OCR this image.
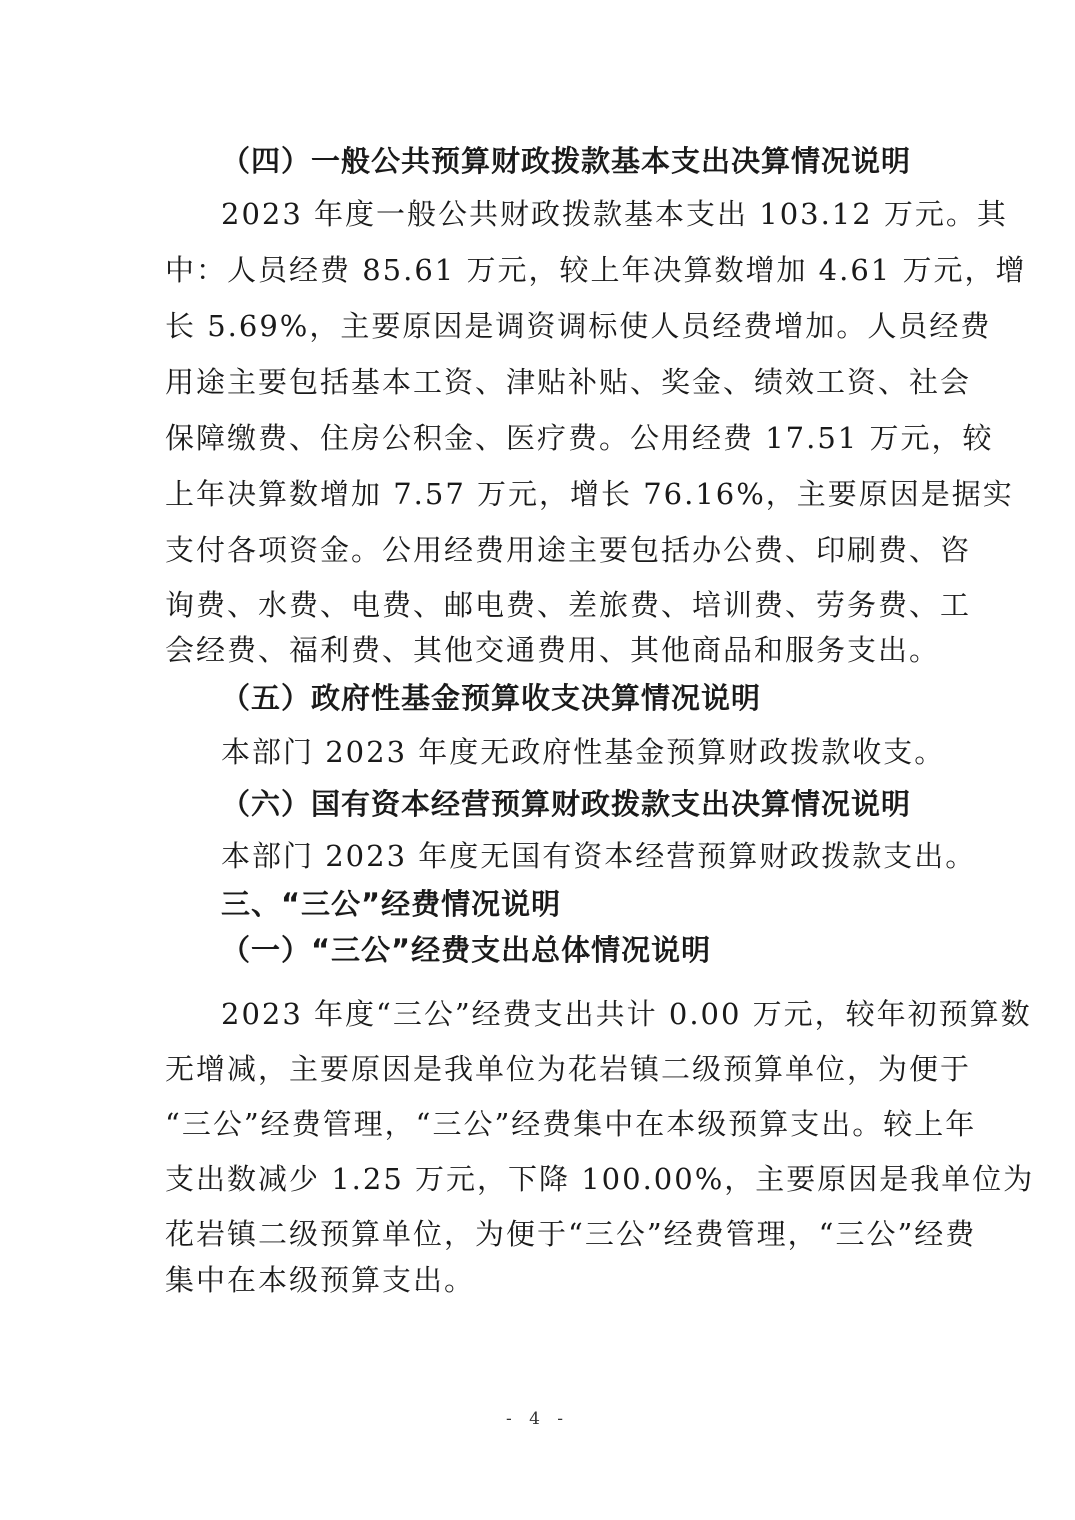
（四）一般公共预算财政拨款基本支出决算情况说明
2023 年度一般公共财政拨款基本支出 103.12 万元。其
中：人员经费 85.61 万元，较上年决算数增加 4.61 万元，增
长 5.69%，主要原因是调资调标使人员经费增加。人员经费
用途主要包括基本工资、津贴补贴、奖金、绩效工资、社会
保障缴费、住房公积金、医疗费。公用经费 17.51 万元，较
上年决算数增加 7.57 万元，增长 76.16%，主要原因是据实
支付各项资金。公用经费用途主要包括办公费、印刷费、咨
询费、水费、电费、邮电费、差旅费、培训费、劳务费、工
会经费、福利费、其他交通费用、其他商品和服务支出。
（五）政府性基金预算收支决算情况说明
本部门 2023 年度无政府性基金预算财政拨款收支。
（六）国有资本经营预算财政拨款支出决算情况说明
本部门 2023 年度无国有资本经营预算财政拨款支出。
三、“三公”经费情况说明
（一）“三公”经费支出总体情况说明
2023 年度“三公”经费支出共计 0.00 万元，较年初预算数
无增减，主要原因是我单位为花岩镇二级预算单位，为便于
“三公”经费管理，“三公”经费集中在本级预算支出。较上年
支出数减少 1.25 万元，下降 100.00%，主要原因是我单位为
花岩镇二级预算单位，为便于“三公”经费管理，“三公”经费
集中在本级预算支出。
- 4 -
